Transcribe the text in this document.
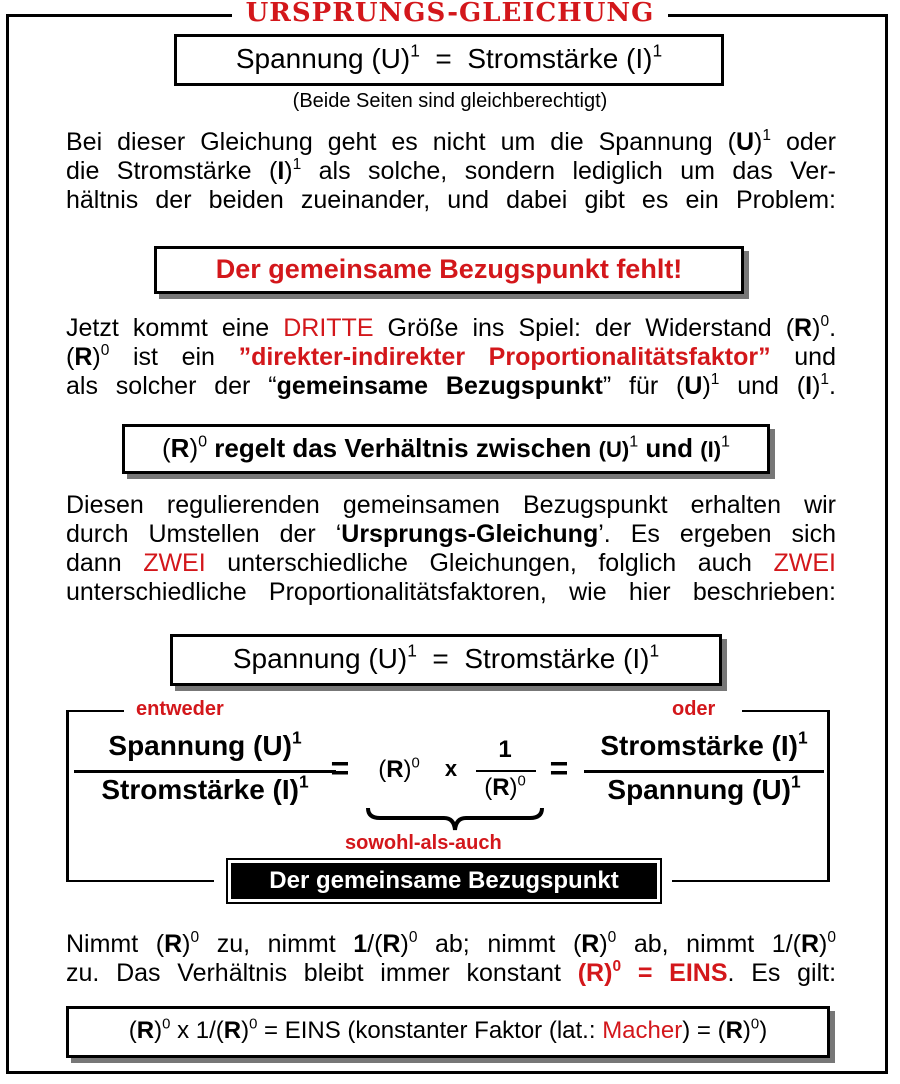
URSPRUNGS-GLEICHUNG
Spannung $(U)^1$ = Stromstärke $(I)^1$
(Beide Seiten sind gleichberechtigt)
Bei dieser Gleichung geht es nicht um die Spannung $(U)^1$ oder
die Stromstärke $(I)^1$ als solche, sondern lediglich um das Ver-
hältnis der beiden zueinander, und dabei gibt es ein Problem:
Der gemeinsame Bezugspunkt fehlt!
Jetzt kommt eine DRITTE Größe ins Spiel: der Widerstand $(R)^0$.
$(R)^0$ ist ein ”direkter-indirekter Proportionalitätsfaktor” und
als solcher der “gemeinsame Bezugspunkt” für $(U)^1$ und $(I)^1$.
$(R)^0$ regelt das Verhältnis zwischen $(U)^1$ und $(I)^1$
Diesen regulierenden gemeinsamen Bezugspunkt erhalten wir
durch Umstellen der ‘Ursprungs-Gleichung’. Es ergeben sich
dann ZWEI unterschiedliche Gleichungen, folglich auch ZWEI
unterschiedliche Proportionalitätsfaktoren, wie hier beschrieben:
Spannung $(U)^1$ = Stromstärke $(I)^1$
entweder	oder
Spannung $(U)^1$
Stromstärke $(I)^1$ =	$(R)^0$	x
1
$(R)^0$ =
Stromstärke $(I)^1$
Spannung $(U)^1$
sowohl-als-auch
Der gemeinsame Bezugspunkt
Nimmt $(R)^0$ zu, nimmt $1/(R)^0$ ab; nimmt $(R)^0$ ab, nimmt $1/(R)^0$
zu. Das Verhältnis bleibt immer konstant $(R)^0$ = EINS. Es gilt:
$(R)^0$ x $1/(R)^0$ = EINS (konstanter Faktor (lat.: Macher) = $(R)^0$)
